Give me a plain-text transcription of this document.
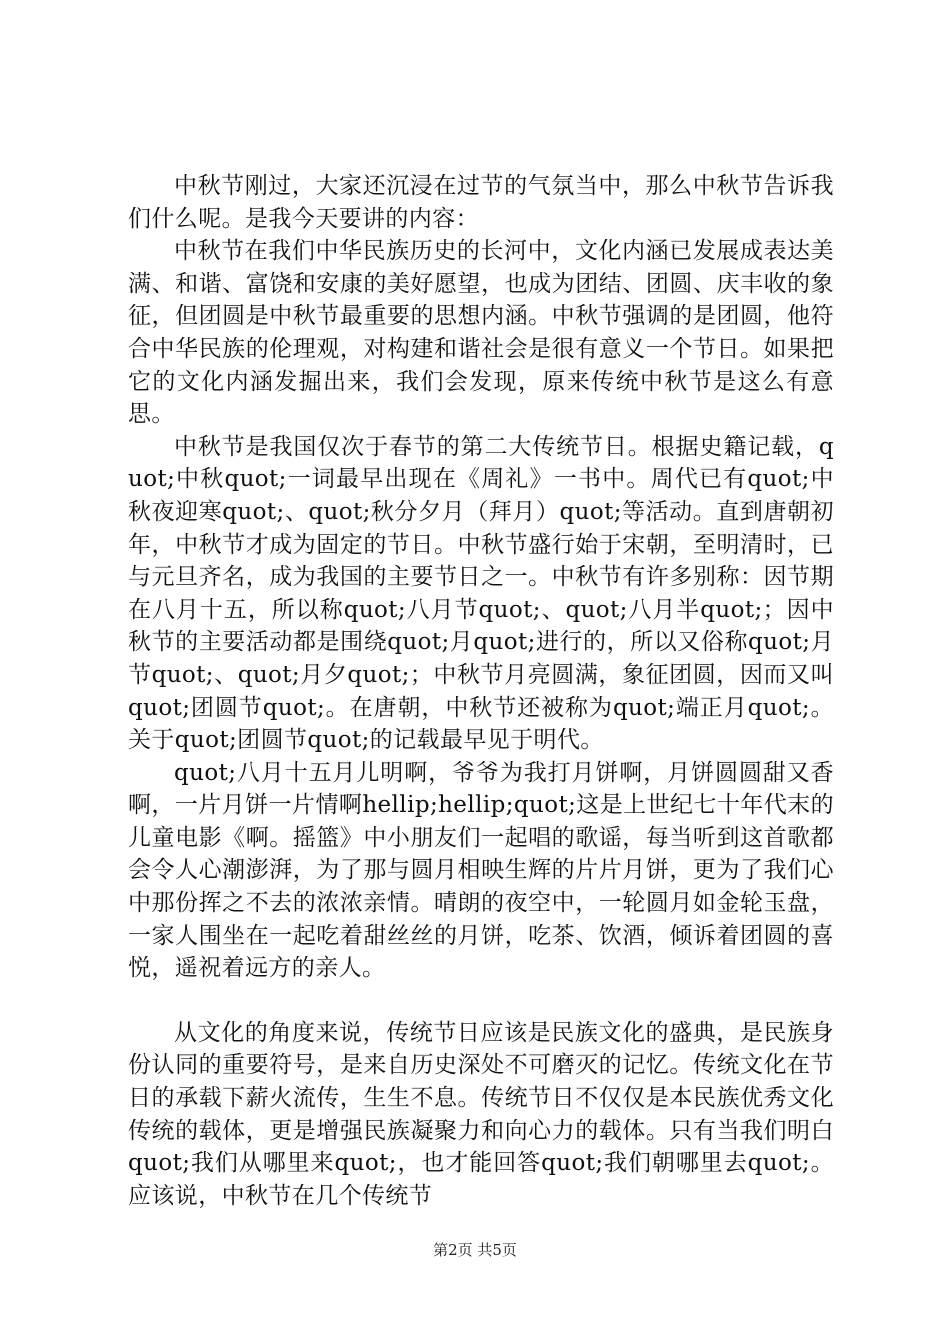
中秋节刚过，大家还沉浸在过节的气氛当中，那么中秋节告诉我们什么呢。是我今天要讲的内容：

中秋节在我们中华民族历史的长河中，文化内涵已发展成表达美满、和谐、富饶和安康的美好愿望，也成为团结、团圆、庆丰收的象征，但团圆是中秋节最重要的思想内涵。中秋节强调的是团圆，他符合中华民族的伦理观，对构建和谐社会是很有意义一个节日。如果把它的文化内涵发掘出来，我们会发现，原来传统中秋节是这么有意思。

中秋节是我国仅次于春节的第二大传统节日。根据史籍记载，quot;中秋quot;一词最早出现在《周礼》一书中。周代已有quot;中秋夜迎寒quot;、quot;秋分夕月（拜月）quot;等活动。直到唐朝初年，中秋节才成为固定的节日。中秋节盛行始于宋朝，至明清时，已与元旦齐名，成为我国的主要节日之一。中秋节有许多别称：因节期在八月十五，所以称quot;八月节quot;、quot;八月半quot;；因中秋节的主要活动都是围绕quot;月quot;进行的，所以又俗称quot;月节quot;、quot;月夕quot;；中秋节月亮圆满，象征团圆，因而又叫quot;团圆节quot;。在唐朝，中秋节还被称为quot;端正月quot;。关于quot;团圆节quot;的记载最早见于明代。

quot;八月十五月儿明啊，爷爷为我打月饼啊，月饼圆圆甜又香啊，一片月饼一片情啊hellip;hellip;quot;这是上世纪七十年代末的儿童电影《啊。摇篮》中小朋友们一起唱的歌谣，每当听到这首歌都会令人心潮澎湃，为了那与圆月相映生辉的片片月饼，更为了我们心中那份挥之不去的浓浓亲情。晴朗的夜空中，一轮圆月如金轮玉盘，一家人围坐在一起吃着甜丝丝的月饼，吃茶、饮酒，倾诉着团圆的喜悦，遥祝着远方的亲人。

从文化的角度来说，传统节日应该是民族文化的盛典，是民族身份认同的重要符号，是来自历史深处不可磨灭的记忆。传统文化在节日的承载下薪火流传，生生不息。传统节日不仅仅是本民族优秀文化传统的载体，更是增强民族凝聚力和向心力的载体。只有当我们明白quot;我们从哪里来quot;，也才能回答quot;我们朝哪里去quot;。应该说，中秋节在几个传统节

第2页 共5页
